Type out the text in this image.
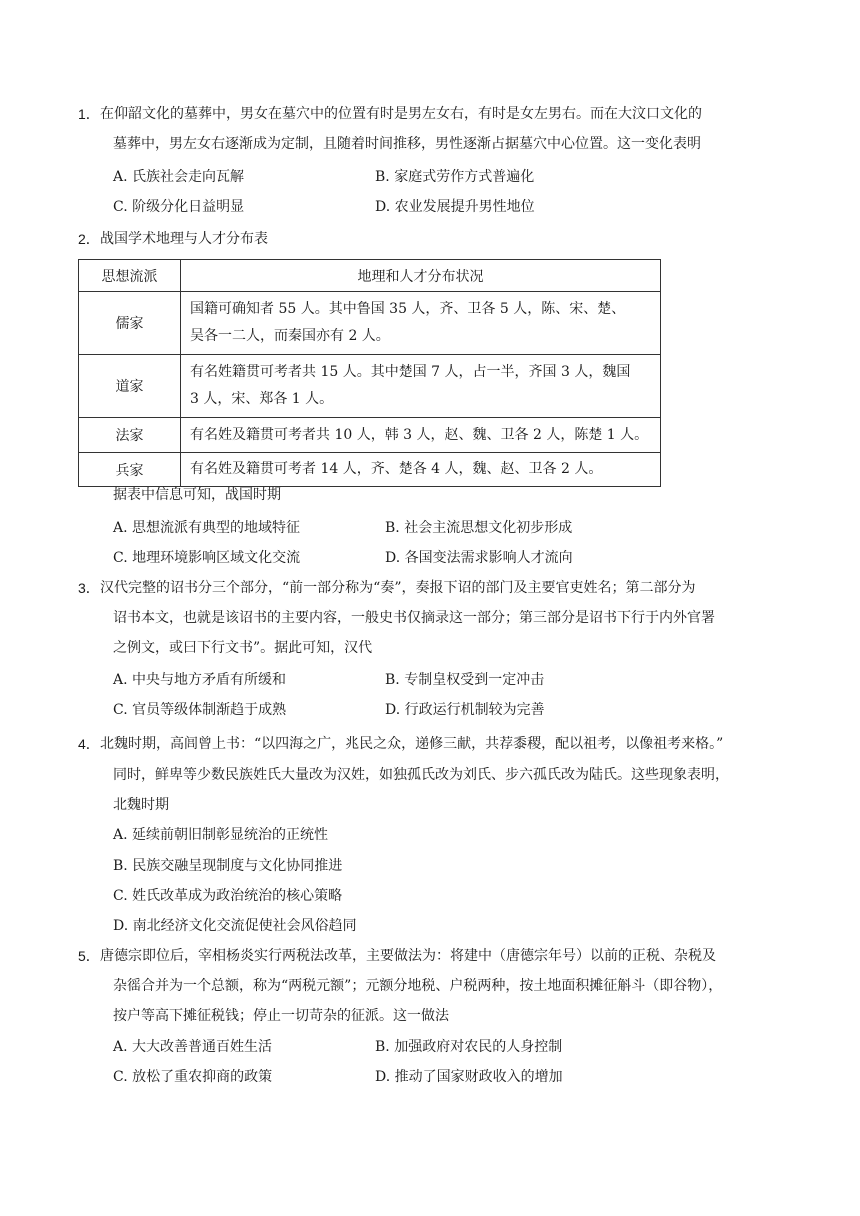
1． 在仰韶文化的墓葬中，男女在墓穴中的位置有时是男左女右，有时是女左男右。而在大汶口文化的
墓葬中，男左女右逐渐成为定制，且随着时间推移，男性逐渐占据墓穴中心位置。这一变化表明
A. 氏族社会走向瓦解	B. 家庭式劳作方式普遍化
C. 阶级分化日益明显	D. 农业发展提升男性地位
2． 战国学术地理与人才分布表
思想流派	地理和人才分布状况
儒家	国籍可确知者 55 人。其中鲁国 35 人，齐、卫各 5 人，陈、宋、楚、
吴各一二人，而秦国亦有 2 人。

道家	有名姓籍贯可考者共 15 人。其中楚国 7 人，占一半，齐国 3 人，魏国
3 人，宋、郑各 1 人。

法家	有名姓及籍贯可考者共 10 人，韩 3 人，赵、魏、卫各 2 人，陈楚 1 人。

兵家	有名姓及籍贯可考者 14 人，齐、楚各 4 人，魏、赵、卫各 2 人。
据表中信息可知，战国时期
A. 思想流派有典型的地域特征	B. 社会主流思想文化初步形成
C. 地理环境影响区域文化交流	D. 各国变法需求影响人才流向
3． 汉代完整的诏书分三个部分，“前一部分称为“奏”，奏报下诏的部门及主要官吏姓名；第二部分为
诏书本文，也就是该诏书的主要内容，一般史书仅摘录这一部分；第三部分是诏书下行于内外官署
之例文，或曰下行文书”。据此可知，汉代
A. 中央与地方矛盾有所缓和	B. 专制皇权受到一定冲击
C. 官员等级体制渐趋于成熟	D. 行政运行机制较为完善
4． 北魏时期，高闾曾上书：“以四海之广，兆民之众，递修三献，共荐黍稷，配以祖考，以像祖考来格。”
同时，鲜卑等少数民族姓氏大量改为汉姓，如独孤氏改为刘氏、步六孤氏改为陆氏。这些现象表明，
北魏时期
A. 延续前朝旧制彰显统治的正统性
B. 民族交融呈现制度与文化协同推进
C. 姓氏改革成为政治统治的核心策略
D. 南北经济文化交流促使社会风俗趋同
5． 唐德宗即位后，宰相杨炎实行两税法改革，主要做法为：将建中（唐德宗年号）以前的正税、杂税及
杂徭合并为一个总额，称为“两税元额”；元额分地税、户税两种，按土地面积摊征斛斗（即谷物），
按户等高下摊征税钱；停止一切苛杂的征派。这一做法
A. 大大改善普通百姓生活	B. 加强政府对农民的人身控制
C. 放松了重农抑商的政策	D. 推动了国家财政收入的增加
